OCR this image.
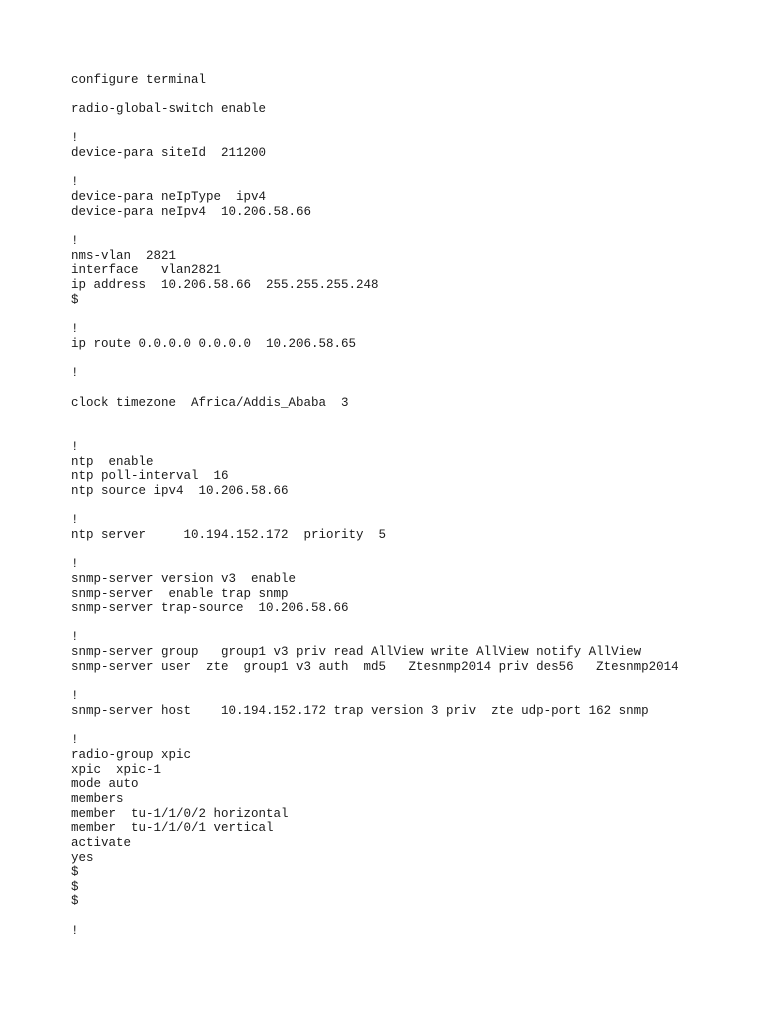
configure terminal

radio-global-switch enable

!

device-para siteId  211200

!

device-para neIpType  ipv4

device-para neIpv4  10.206.58.66

!

nms-vlan  2821

interface   vlan2821

ip address  10.206.58.66  255.255.255.248

$

!

ip route 0.0.0.0 0.0.0.0  10.206.58.65

!

clock timezone  Africa/Addis_Ababa  3

!

ntp  enable

ntp poll-interval  16

ntp source ipv4  10.206.58.66

!

ntp server     10.194.152.172  priority  5

!

snmp-server version v3  enable

snmp-server  enable trap snmp

snmp-server trap-source  10.206.58.66

!

snmp-server group   group1 v3 priv read AllView write AllView notify AllView

snmp-server user  zte  group1 v3 auth  md5   Ztesnmp2014 priv des56   Ztesnmp2014

!

snmp-server host    10.194.152.172 trap version 3 priv  zte udp-port 162 snmp

!

radio-group xpic

xpic  xpic-1

mode auto

members

member  tu-1/1/0/2 horizontal

member  tu-1/1/0/1 vertical

activate

yes

$

$

$

!
